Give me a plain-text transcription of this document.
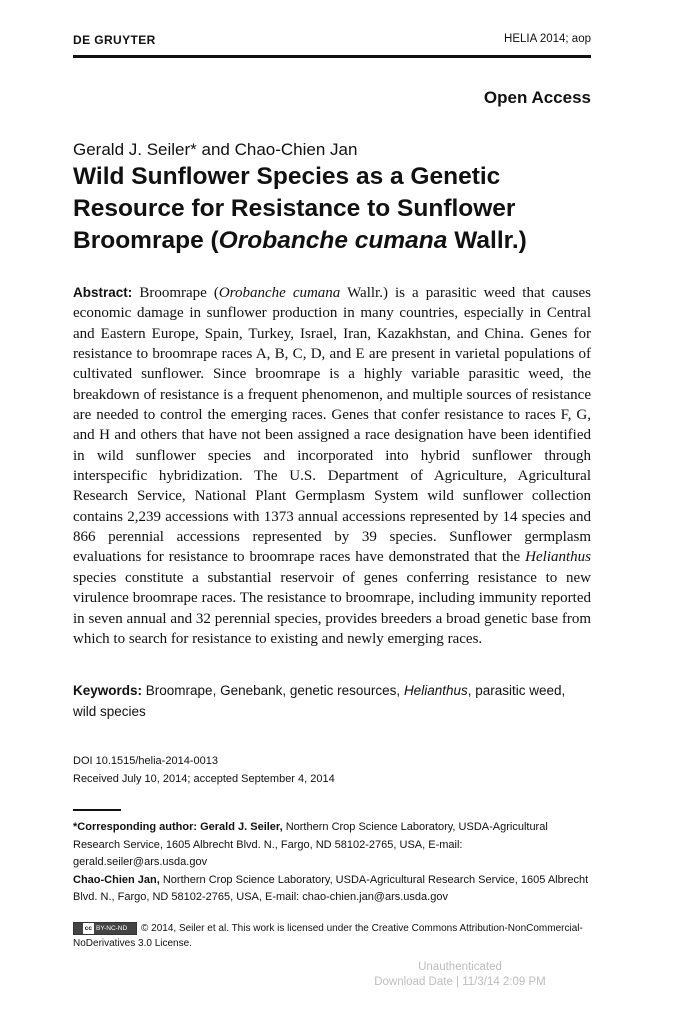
DE GRUYTER	HELIA 2014; aop
Open Access
Gerald J. Seiler* and Chao-Chien Jan
Wild Sunflower Species as a Genetic Resource for Resistance to Sunflower Broomrape (Orobanche cumana Wallr.)
Abstract: Broomrape (Orobanche cumana Wallr.) is a parasitic weed that causes economic damage in sunflower production in many countries, especially in Central and Eastern Europe, Spain, Turkey, Israel, Iran, Kazakhstan, and China. Genes for resistance to broomrape races A, B, C, D, and E are present in varietal populations of cultivated sunflower. Since broomrape is a highly variable parasitic weed, the breakdown of resistance is a frequent phenomenon, and multiple sources of resistance are needed to control the emerging races. Genes that confer resistance to races F, G, and H and others that have not been assigned a race designation have been identified in wild sunflower species and incorporated into hybrid sunflower through interspecific hybridization. The U.S. Department of Agriculture, Agricultural Research Service, National Plant Germplasm System wild sunflower collection contains 2,239 accessions with 1373 annual accessions represented by 14 species and 866 perennial accessions represented by 39 species. Sunflower germplasm evaluations for resistance to broomrape races have demonstrated that the Helianthus species constitute a substantial reservoir of genes conferring resistance to new virulence broomrape races. The resistance to broomrape, including immunity reported in seven annual and 32 perennial species, provides breeders a broad genetic base from which to search for resistance to existing and newly emerging races.
Keywords: Broomrape, Genebank, genetic resources, Helianthus, parasitic weed, wild species
DOI 10.1515/helia-2014-0013
Received July 10, 2014; accepted September 4, 2014
*Corresponding author: Gerald J. Seiler, Northern Crop Science Laboratory, USDA-Agricultural Research Service, 1605 Albrecht Blvd. N., Fargo, ND 58102-2765, USA, E-mail: gerald.seiler@ars.usda.gov
Chao-Chien Jan, Northern Crop Science Laboratory, USDA-Agricultural Research Service, 1605 Albrecht Blvd. N., Fargo, ND 58102-2765, USA, E-mail: chao-chien.jan@ars.usda.gov
cc BY-NC-ND © 2014, Seiler et al. This work is licensed under the Creative Commons Attribution-NonCommercial-NoDerivatives 3.0 License.
Unauthenticated
Download Date | 11/3/14 2:09 PM
